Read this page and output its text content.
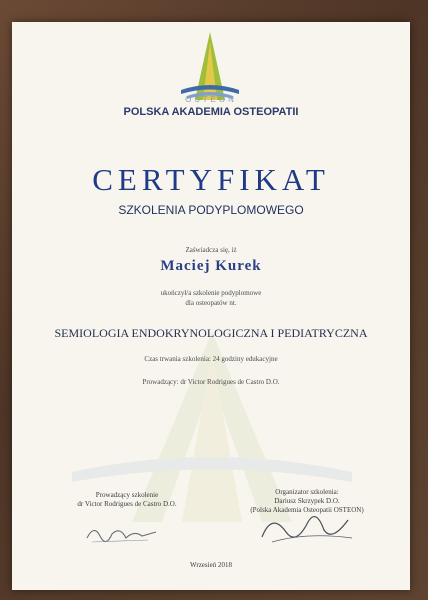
OSTEON
POLSKA AKADEMIA OSTEOPATII
CERTYFIKAT
SZKOLENIA PODYPLOMOWEGO
Zaświadcza się, iż
Maciej Kurek
ukończył/a szkolenie podyplomowe
dla osteopatów nt.
SEMIOLOGIA ENDOKRYNOLOGICZNA I PEDIATRYCZNA
Czas trwania szkolenia: 24 godziny edukacyjne
Prowadzący: dr Victor Rodrigues de Castro D.O.
Prowadzący szkolenie
dr Victor Rodrigues de Castro D.O.
Organizator szkolenia:
Dariusz Skrzypek D.O.
(Polska Akademia Osteopatii OSTEON)
Wrzesień 2018
